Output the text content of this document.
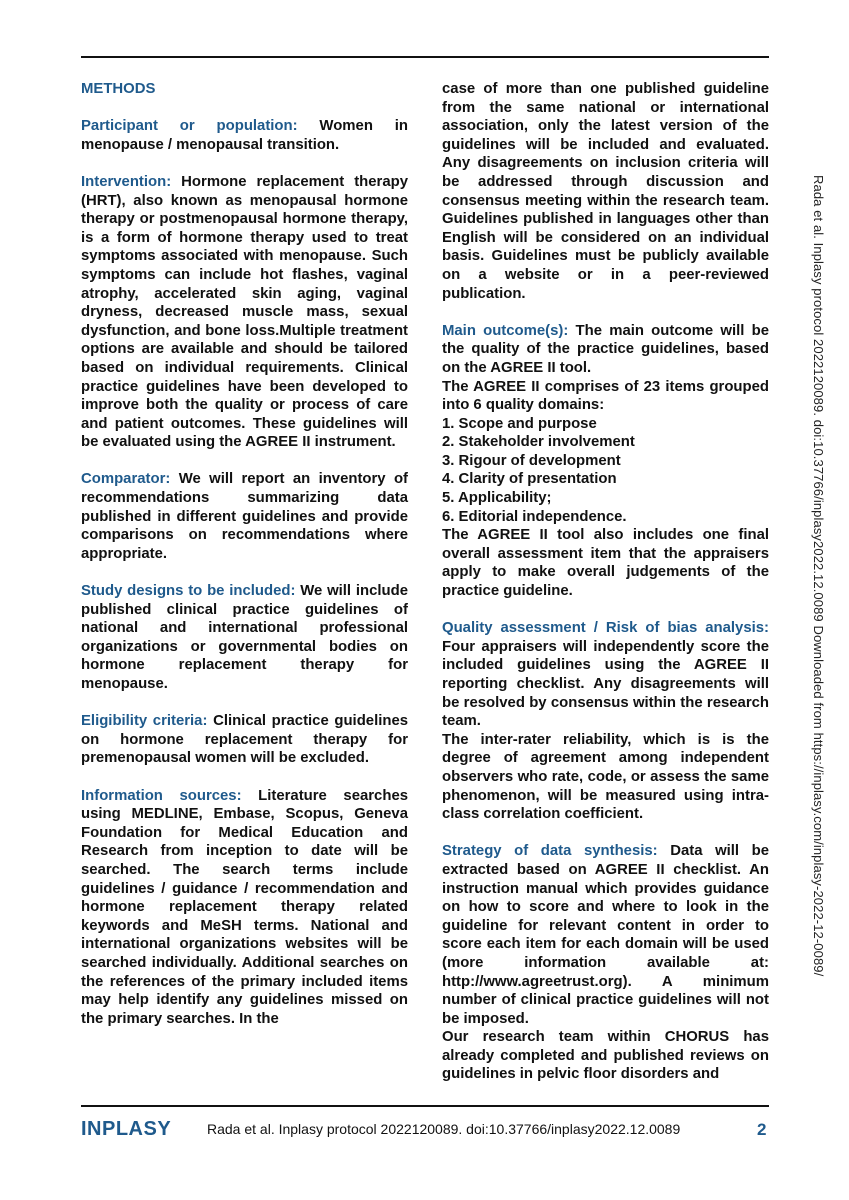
METHODS

Participant or population: Women in menopause / menopausal transition.

Intervention: Hormone replacement therapy (HRT), also known as menopausal hormone therapy or postmenopausal hormone therapy, is a form of hormone therapy used to treat symptoms associated with menopause. Such symptoms can include hot flashes, vaginal atrophy, accelerated skin aging, vaginal dryness, decreased muscle mass, sexual dysfunction, and bone loss.Multiple treatment options are available and should be tailored based on individual requirements. Clinical practice guidelines have been developed to improve both the quality or process of care and patient outcomes. These guidelines will be evaluated using the AGREE II instrument.

Comparator: We will report an inventory of recommendations summarizing data published in different guidelines and provide comparisons on recommendations where appropriate.

Study designs to be included: We will include published clinical practice guidelines of national and international professional organizations or governmental bodies on hormone replacement therapy for menopause.

Eligibility criteria: Clinical practice guidelines on hormone replacement therapy for premenopausal women will be excluded.

Information sources: Literature searches using MEDLINE, Embase, Scopus, Geneva Foundation for Medical Education and Research from inception to date will be searched. The search terms include guidelines / guidance / recommendation and hormone replacement therapy related keywords and MeSH terms. National and international organizations websites will be searched individually. Additional searches on the references of the primary included items may help identify any guidelines missed on the primary searches. In the

case of more than one published guideline from the same national or international association, only the latest version of the guidelines will be included and evaluated. Any disagreements on inclusion criteria will be addressed through discussion and consensus meeting within the research team. Guidelines published in languages other than English will be considered on an individual basis. Guidelines must be publicly available on a website or in a peer-reviewed publication.

Main outcome(s): The main outcome will be the quality of the practice guidelines, based on the AGREE II tool.

The AGREE II comprises of 23 items grouped into 6 quality domains:

1. Scope and purpose
2. Stakeholder involvement
3. Rigour of development
4. Clarity of presentation
5. Applicability;
6. Editorial independence.

The AGREE II tool also includes one final overall assessment item that the appraisers apply to make overall judgements of the practice guideline.

Quality assessment / Risk of bias analysis: Four appraisers will independently score the included guidelines using the AGREE II reporting checklist. Any disagreements will be resolved by consensus within the research team.

The inter-rater reliability, which is is the degree of agreement among independent observers who rate, code, or assess the same phenomenon, will be measured using intra-class correlation coefficient.

Strategy of data synthesis: Data will be extracted based on AGREE II checklist. An instruction manual which provides guidance on how to score and where to look in the guideline for relevant content in order to score each item for each domain will be used (more information available at: http://www.agreetrust.org). A minimum number of clinical practice guidelines will not be imposed.

Our research team within CHORUS has already completed and published reviews on guidelines in pelvic floor disorders and

Rada et al. Inplasy protocol 2022120089. doi:10.37766/inplasy2022.12.0089 Downloaded from https://inplasy.com/inplasy-2022-12-0089/
INPLASY	Rada et al. Inplasy protocol 2022120089. doi:10.37766/inplasy2022.12.0089	2
